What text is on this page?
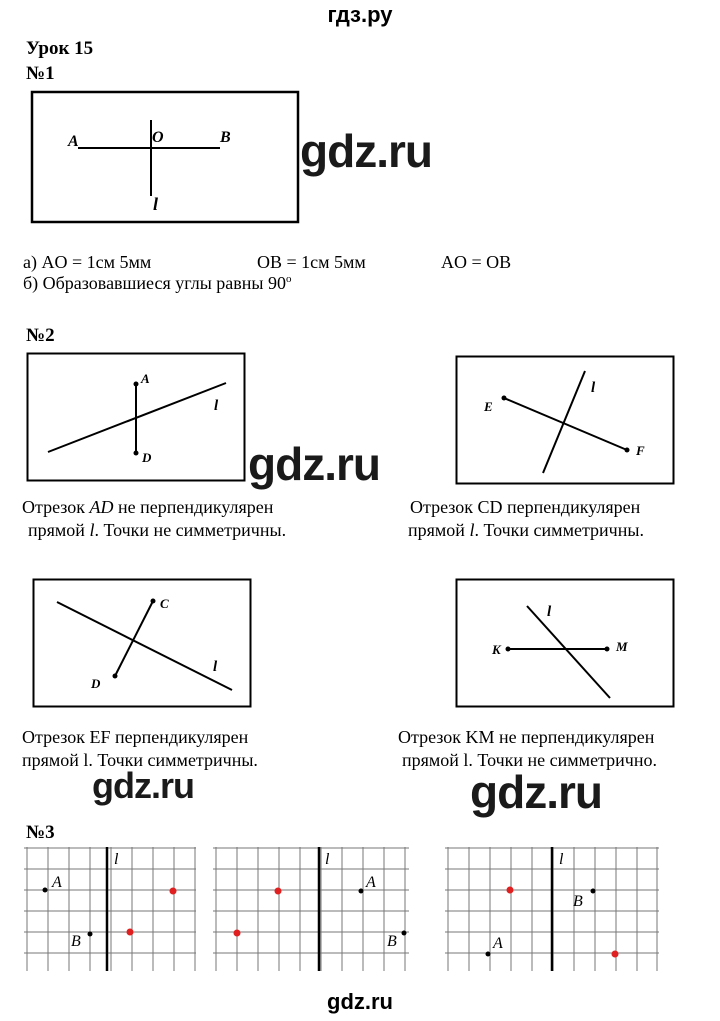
гдз.ру
Урок 15
№1
A	O	B
l
gdz.ru
а) AO = 1см 5мм	OB = 1см 5мм	AO = OB
б) Образовавшиеся углы равны 90$^o$
№2
A
D
l	E
F
l
gdz.ru
Отрезок AD не перпендикулярен
прямой l. Точки не симметричны.
Отрезок CD перпендикулярен
прямой l. Точки симметричны.
C
D
l
K	M
l
Отрезок EF перпендикулярен
прямой l. Точки симметричны.
Отрезок KM не перпендикулярен
прямой l. Точки не симметрично.
gdz.ru	gdz.ru
№3
l
A
B
l
A
B
l
A
B
gdz.ru
